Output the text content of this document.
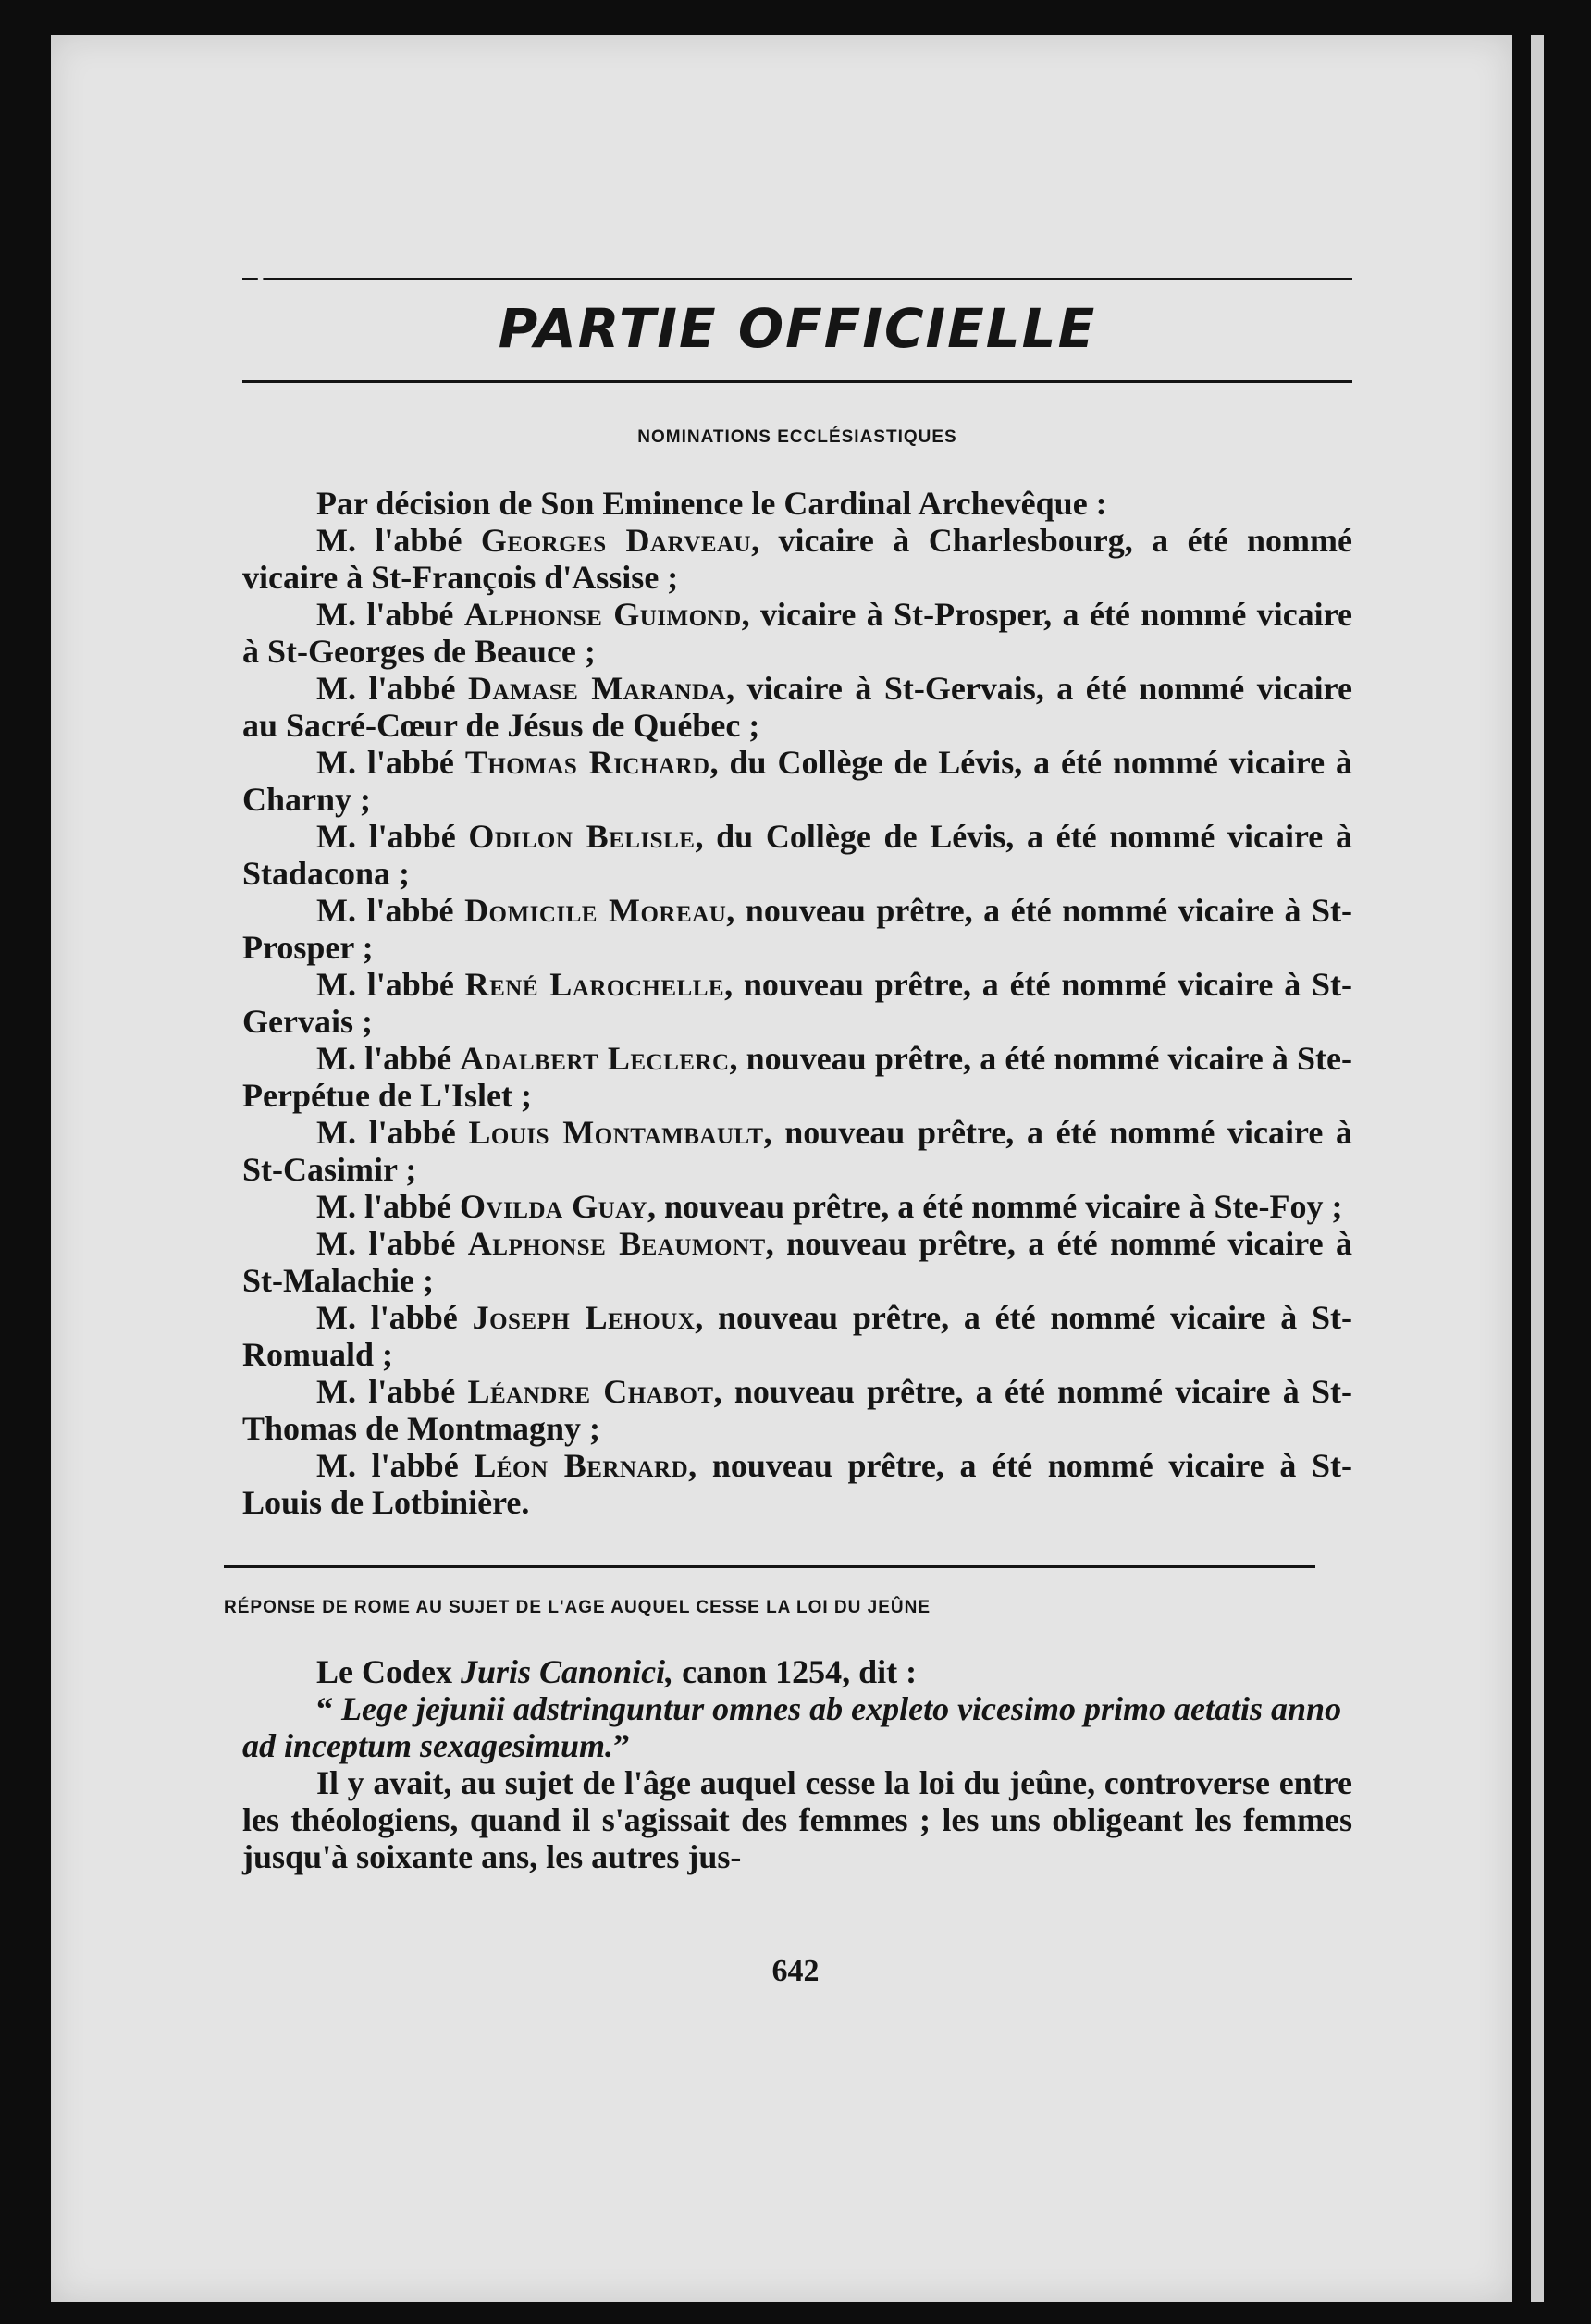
PARTIE OFFICIELLE
NOMINATIONS ECCLÉSIASTIQUES

Par décision de Son Eminence le Cardinal Archevêque :

M. l'abbé Georges Darveau, vicaire à Charlesbourg, a été nommé vicaire à St-François d'Assise ;

M. l'abbé Alphonse Guimond, vicaire à St-Prosper, a été nommé vicaire à St-Georges de Beauce ;

M. l'abbé Damase Maranda, vicaire à St-Gervais, a été nommé vicaire au Sacré-Cœur de Jésus de Québec ;

M. l'abbé Thomas Richard, du Collège de Lévis, a été nommé vicaire à Charny ;

M. l'abbé Odilon Belisle, du Collège de Lévis, a été nommé vicaire à Stadacona ;

M. l'abbé Domicile Moreau, nouveau prêtre, a été nommé vicaire à St-Prosper ;

M. l'abbé René Larochelle, nouveau prêtre, a été nommé vicaire à St-Gervais ;

M. l'abbé Adalbert Leclerc, nouveau prêtre, a été nommé vicaire à Ste-Perpétue de L'Islet ;

M. l'abbé Louis Montambault, nouveau prêtre, a été nommé vicaire à St-Casimir ;

M. l'abbé Ovilda Guay, nouveau prêtre, a été nommé vicaire à Ste-Foy ;

M. l'abbé Alphonse Beaumont, nouveau prêtre, a été nommé vicaire à St-Malachie ;

M. l'abbé Joseph Lehoux, nouveau prêtre, a été nommé vicaire à St-Romuald ;

M. l'abbé Léandre Chabot, nouveau prêtre, a été nommé vicaire à St-Thomas de Montmagny ;

M. l'abbé Léon Bernard, nouveau prêtre, a été nommé vicaire à St-Louis de Lotbinière.

RÉPONSE DE ROME AU SUJET DE L'AGE AUQUEL CESSE LA LOI DU JEÛNE

Le Codex Juris Canonici, canon 1254, dit :

“ Lege jejunii adstringuntur omnes ab expleto vicesimo primo aetatis anno ad inceptum sexagesimum.”

Il y avait, au sujet de l'âge auquel cesse la loi du jeûne, controverse entre les théologiens, quand il s'agissait des femmes ; les uns obligeant les femmes jusqu'à soixante ans, les autres jus-

642
